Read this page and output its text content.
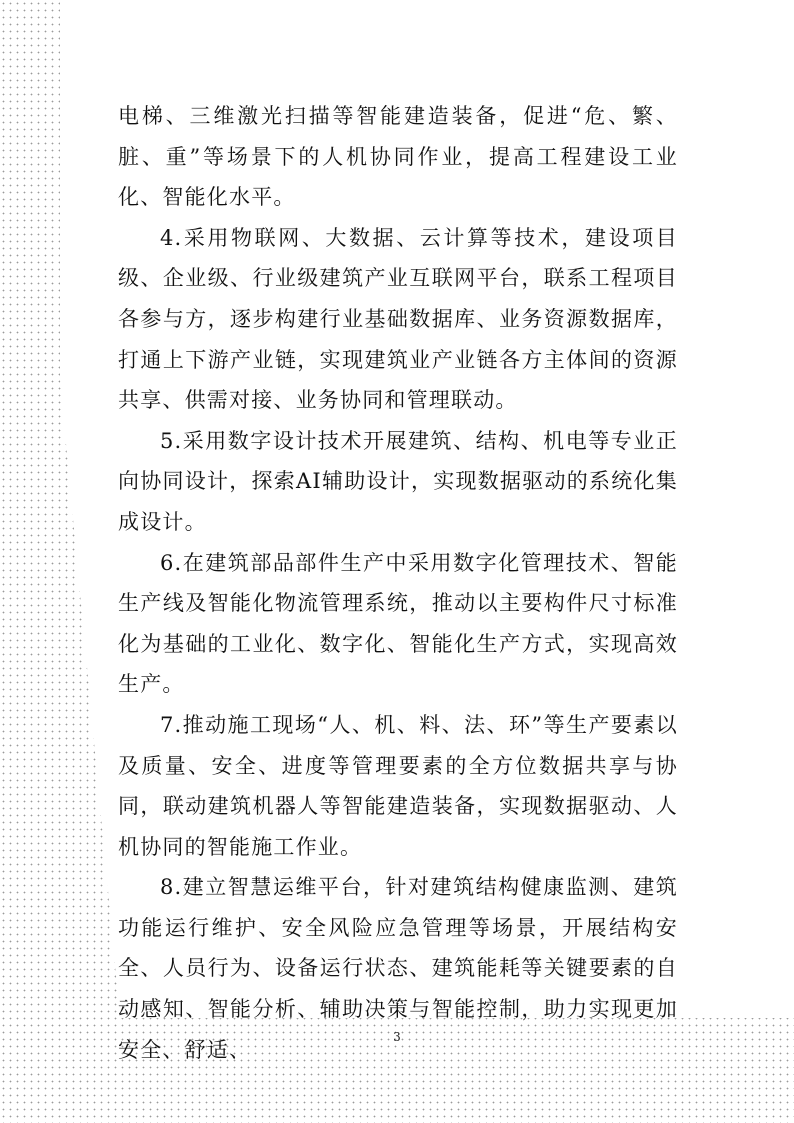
电梯、三维激光扫描等智能建造装备，促进“危、繁、脏、重”等场景下的人机协同作业，提高工程建设工业化、智能化水平。

4.采用物联网、大数据、云计算等技术，建设项目级、企业级、行业级建筑产业互联网平台，联系工程项目各参与方，逐步构建行业基础数据库、业务资源数据库，打通上下游产业链，实现建筑业产业链各方主体间的资源共享、供需对接、业务协同和管理联动。

5.采用数字设计技术开展建筑、结构、机电等专业正向协同设计，探索AI辅助设计，实现数据驱动的系统化集成设计。

6.在建筑部品部件生产中采用数字化管理技术、智能生产线及智能化物流管理系统，推动以主要构件尺寸标准化为基础的工业化、数字化、智能化生产方式，实现高效生产。

7.推动施工现场“人、机、料、法、环”等生产要素以及质量、安全、进度等管理要素的全方位数据共享与协同，联动建筑机器人等智能建造装备，实现数据驱动、人机协同的智能施工作业。

8.建立智慧运维平台，针对建筑结构健康监测、建筑功能运行维护、安全风险应急管理等场景，开展结构安全、人员行为、设备运行状态、建筑能耗等关键要素的自动感知、智能分析、辅助决策与智能控制，助力实现更加安全、舒适、

3
